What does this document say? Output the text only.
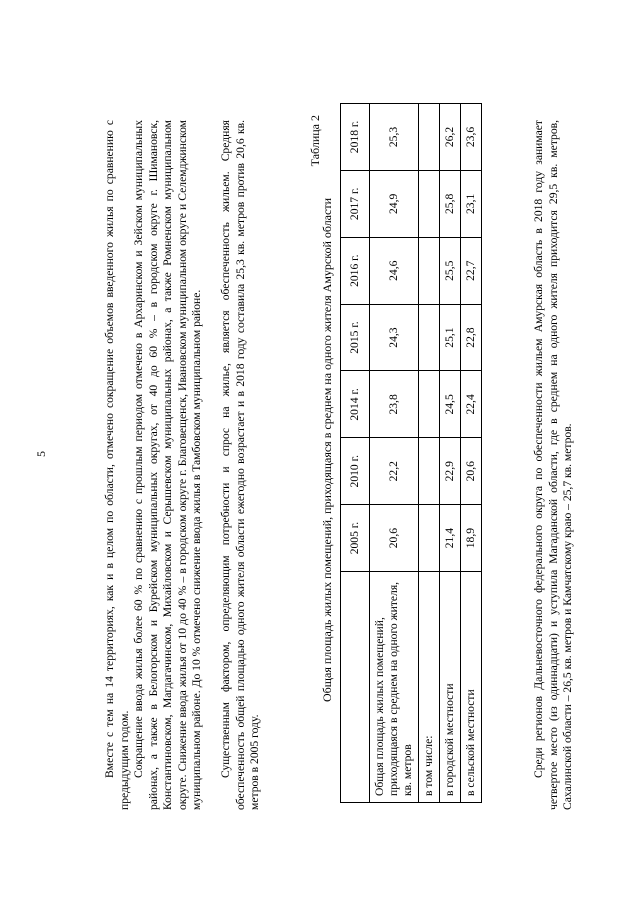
5	Вместе с тем на 14 территориях, как и в целом по области, отмечено сокращение объемов введенного жилья по сравнению с предыдущим годом. Сокращение ввода жилья более 60 % по сравнению с прошлым периодом отмечено в Архаринском и Зейском муниципальных районах, а также в Белогорском и Бурейском муниципальных округах, от 40 до 60 % – в городском округе г. Шимановск, Константиновском, Магдагачинском, Михайловском и Серышевском муниципальных районах, а также Ромненском муниципальном округе. Снижение ввода жилья от 10 до 40 % – в городском округе г. Благовещенск, Ивановском муниципальном округе и Селемджинском муниципальном районе. До 10 % отмечено снижение ввода жилья в Тамбовском муниципальном районе. Существенным фактором, определяющим потребности и спрос на жилье, является обеспеченность жильем. Средняя обеспеченность общей площадью одного жителя области ежегодно возрастает и в 2018 году составила 25,3 кв. метров против 20,6 кв. метров в 2005 году.

Таблица 2
Общая площадь жилых помещений, приходящаяся в среднем на одного жителя Амурской области
	2005 г.	2010 г.	2014 г.	2015 г.	2016 г.	2017 г.	2018 г.
Общая площадь жилых помещений, приходящаяся в среднем на одного жителя, кв. метров	20,6	22,2	23,8	24,3	24,6	24,9	25,3
в том числе:							
в городской местности	21,4	22,9	24,5	25,1	25,5	25,8	26,2
в сельской местности	18,9	20,6	22,4	22,8	22,7	23,1	23,6	Среди регионов Дальневосточного федерального округа по обеспеченности жильем Амурская область в 2018 году занимает четвертое место (из одиннадцати) и уступила Магаданской области, где в среднем на одного жителя приходится 29,5 кв. метров, Сахалинской области – 26,5 кв. метров и Камчатскому краю – 25,7 кв. метров.
